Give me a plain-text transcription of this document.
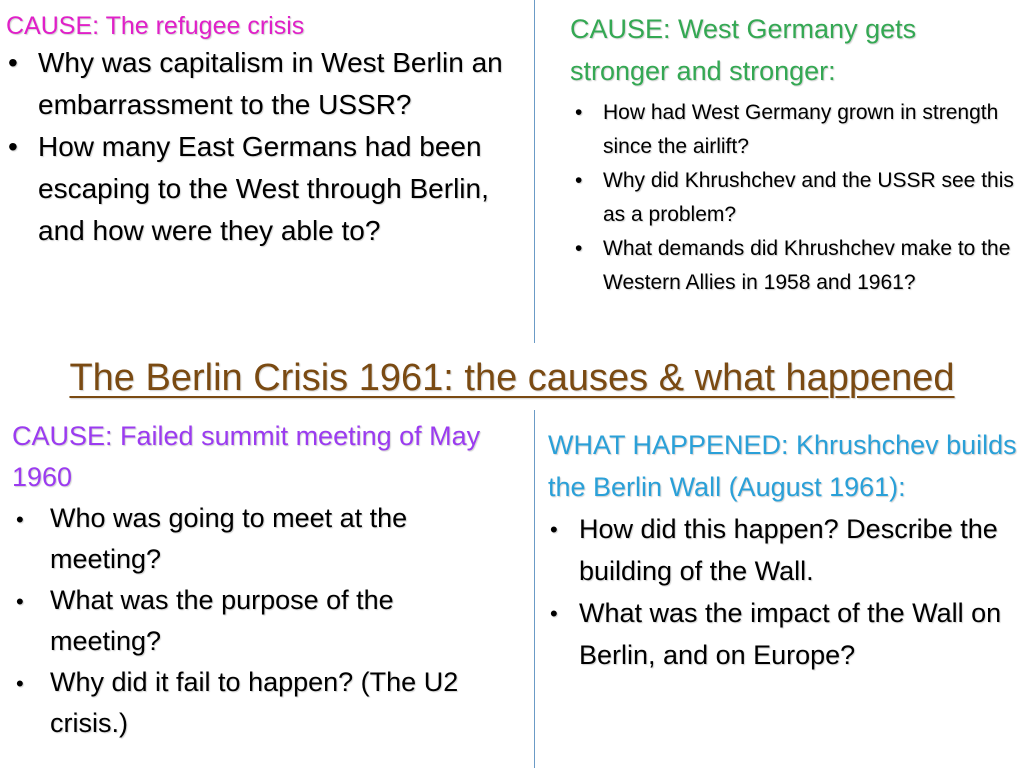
CAUSE: The refugee crisis
• Why was capitalism in West Berlin an embarrassment to the USSR?
• How many East Germans had been escaping to the West through Berlin, and how were they able to?
CAUSE: West Germany gets stronger and stronger:
• How had West Germany grown in strength since the airlift?
• Why did Khrushchev and the USSR see this as a problem?
• What demands did Khrushchev make to the Western Allies in 1958 and 1961?
The Berlin Crisis 1961: the causes & what happened
CAUSE: Failed summit meeting of May 1960
• Who was going to meet at the meeting?
• What was the purpose of the meeting?
• Why did it fail to happen? (The U2 crisis.)
WHAT HAPPENED: Khrushchev builds the Berlin Wall (August 1961):
• How did this happen? Describe the building of the Wall.
• What was the impact of the Wall on Berlin, and on Europe?
